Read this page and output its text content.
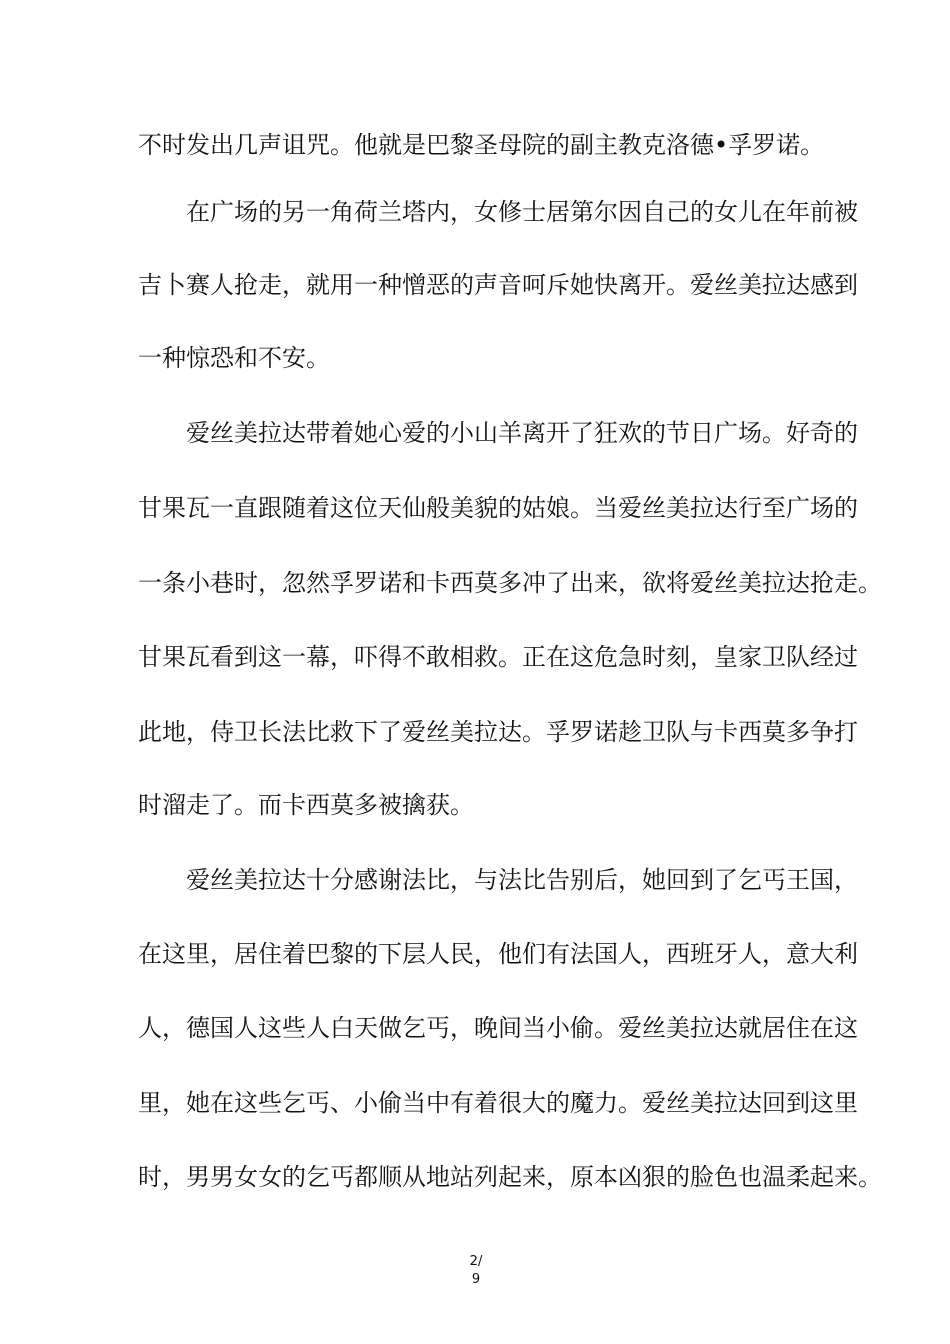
不时发出几声诅咒。他就是巴黎圣母院的副主教克洛德•孚罗诺。
在广场的另一角荷兰塔内，女修士居第尔因自己的女儿在年前被
吉卜赛人抢走，就用一种憎恶的声音呵斥她快离开。爱丝美拉达感到
一种惊恐和不安。
爱丝美拉达带着她心爱的小山羊离开了狂欢的节日广场。好奇的
甘果瓦一直跟随着这位天仙般美貌的姑娘。当爱丝美拉达行至广场的
一条小巷时，忽然孚罗诺和卡西莫多冲了出来，欲将爱丝美拉达抢走。
甘果瓦看到这一幕，吓得不敢相救。正在这危急时刻，皇家卫队经过
此地，侍卫长法比救下了爱丝美拉达。孚罗诺趁卫队与卡西莫多争打
时溜走了。而卡西莫多被擒获。
爱丝美拉达十分感谢法比，与法比告别后，她回到了乞丐王国，
在这里，居住着巴黎的下层人民，他们有法国人，西班牙人，意大利
人，德国人这些人白天做乞丐，晚间当小偷。爱丝美拉达就居住在这
里，她在这些乞丐、小偷当中有着很大的魔力。爱丝美拉达回到这里
时，男男女女的乞丐都顺从地站列起来，原本凶狠的脸色也温柔起来。
2/
9
